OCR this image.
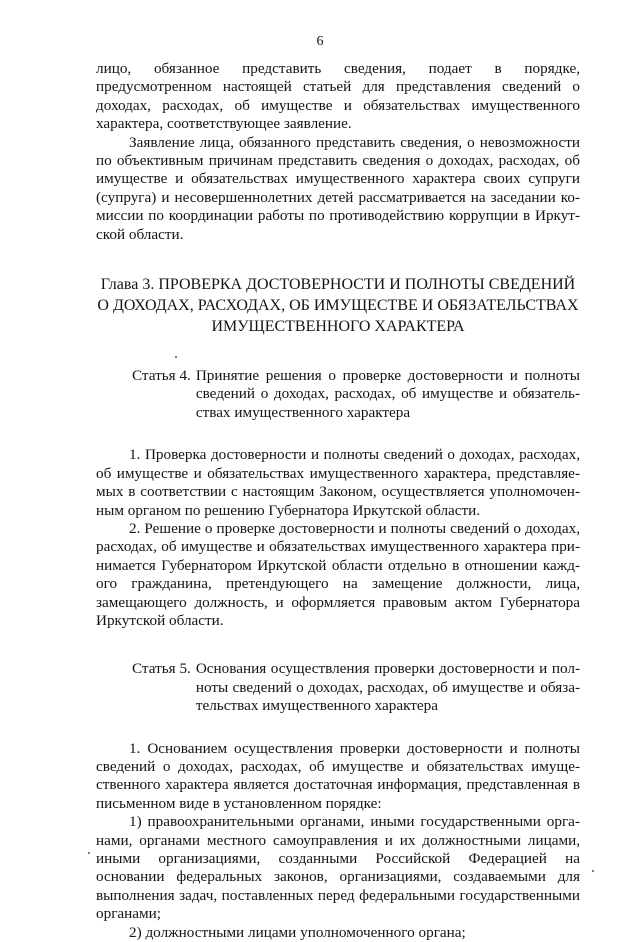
6

лицо, обязанное представить сведения, подает в порядке, предусмотренном настоящей статьей для представления сведений о доходах, расходах, об имуществе и обязательствах имущественного характера, соответствующее заявление.

Заявление лица, обязанного представить сведения, о невозможности по объективным причинам представить сведения о доходах, расходах, об имуществе и обязательствах имущественного характера своих супруги (супруга) и несовершеннолетних детей рассматривается на заседании комиссии по координации работы по противодействию коррупции в Иркутской области.

Глава 3. ПРОВЕРКА ДОСТОВЕРНОСТИ И ПОЛНОТЫ СВЕДЕНИЙ О ДОХОДАХ, РАСХОДАХ, ОБ ИМУЩЕСТВЕ И ОБЯЗАТЕЛЬСТВАХ ИМУЩЕСТВЕННОГО ХАРАКТЕРА
Статья 4. Принятие решения о проверке достоверности и полноты сведений о доходах, расходах, об имуществе и обязательствах имущественного характера

1. Проверка достоверности и полноты сведений о доходах, расходах, об имуществе и обязательствах имущественного характера, представляемых в соответствии с настоящим Законом, осуществляется уполномоченным органом по решению Губернатора Иркутской области.

2. Решение о проверке достоверности и полноты сведений о доходах, расходах, об имуществе и обязательствах имущественного характера принимается Губернатором Иркутской области отдельно в отношении каждого гражданина, претендующего на замещение должности, лица, замещающего должность, и оформляется правовым актом Губернатора Иркутской области.

Статья 5. Основания осуществления проверки достоверности и полноты сведений о доходах, расходах, об имуществе и обязательствах имущественного характера

1. Основанием осуществления проверки достоверности и полноты сведений о доходах, расходах, об имуществе и обязательствах имущественного характера является достаточная информация, представленная в письменном виде в установленном порядке:

1) правоохранительными органами, иными государственными органами, органами местного самоуправления и их должностными лицами, иными организациями, созданными Российской Федерацией на основании федеральных законов, организациями, создаваемыми для выполнения задач, поставленных перед федеральными государственными органами;

2) должностными лицами уполномоченного органа;
